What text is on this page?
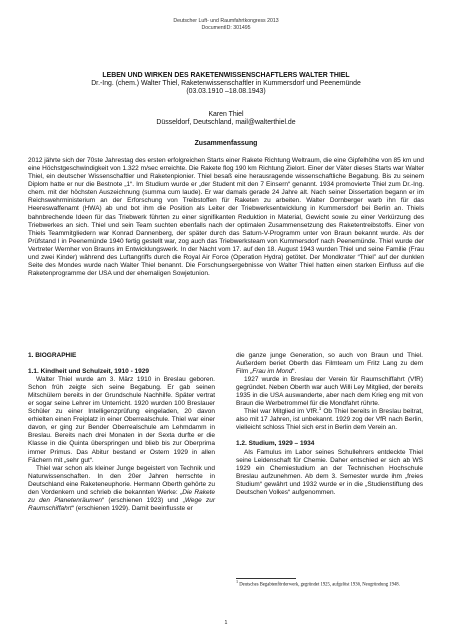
Deutscher Luft- und Raumfahrtkongress 2013
DocumentID: 301495
LEBEN UND WIRKEN DES RAKETENWISSENSCHAFTLERS WALTER THIEL
Dr.-Ing. (chem.) Walter Thiel, Raketenwissenschaftler in Kummersdorf und Peenemünde
(03.03.1910 –18.08.1943)
Karen Thiel
Düsseldorf, Deutschland, mail@walterthiel.de
Zusammenfassung
2012 jährte sich der 70ste Jahrestag des ersten erfolgreichen Starts einer Rakete Richtung Weltraum, die eine Gipfelhöhe von 85 km und eine Höchstgeschwindigkeit von 1.322 m/sec erreichte. Die Rakete flog 190 km Richtung Zielort. Einer der Väter dieses Starts war Walter Thiel, ein deutscher Wissenschaftler und Raketenpionier. Thiel besaß eine herausragende wissenschaftliche Begabung. Bis zu seinem Diplom hatte er nur die Bestnote „1“. Im Studium wurde er „der Student mit den 7 Einsern“ genannt. 1934 promovierte Thiel zum Dr.-Ing. chem. mit der höchsten Auszeichnung (summa cum laude). Er war damals gerade 24 Jahre alt. Nach seiner Dissertation begann er im Reichswehrministerium an der Erforschung von Treibstoffen für Raketen zu arbeiten. Walter Dornberger warb ihn für das Heereswaffenamt (HWA) ab und bot ihm die Position als Leiter der Triebwerksentwicklung in Kummersdorf bei Berlin an. Thiels bahnbrechende Ideen für das Triebwerk führten zu einer signifikanten Reduktion in Material, Gewicht sowie zu einer Verkürzung des Triebwerkes an sich. Thiel und sein Team suchten ebenfalls nach der optimalen Zusammensetzung des Raketentreibstoffs. Einer von Thiels Teammitgliedern war Konrad Dannenberg, der später durch das Saturn-V-Programm unter von Braun bekannt wurde. Als der Prüfstand I in Peenemünde 1940 fertig gestellt war, zog auch das Triebwerksteam von Kummersdorf nach Peenemünde. Thiel wurde der Vertreter Wernher von Brauns im Entwicklungswerk. In der Nacht vom 17. auf den 18. August 1943 wurden Thiel und seine Familie (Frau und zwei Kinder) während des Luftangriffs durch die Royal Air Force (Operation Hydra) getötet. Der Mondkrater “Thiel” auf der dunklen Seite des Mondes wurde nach Walter Thiel benannt. Die Forschungsergebnisse von Walter Thiel hatten einen starken Einfluss auf die Raketenprogramme der USA und der ehemaligen Sowjetunion.

1. BIOGRAPHIE

1.1. Kindheit und Schulzeit, 1910 - 1929

Walter Thiel wurde am 3. März 1910 in Breslau geboren. Schon früh zeigte sich seine Begabung. Er gab seinen Mitschülern bereits in der Grundschule Nachhilfe. Später vertrat er sogar seine Lehrer im Unterricht. 1920 wurden 100 Breslauer Schüler zu einer Intelligenzprüfung eingeladen, 20 davon erhielten einen Freiplatz in einer Oberrealschule. Thiel war einer davon, er ging zur Bender Oberrealschule am Lehmdamm in Breslau. Bereits nach drei Monaten in der Sexta durfte er die Klasse in die Quinta überspringen und blieb bis zur Oberprima immer Primus. Das Abitur bestand er Ostern 1929 in allen Fächern mit „sehr gut“.

Thiel war schon als kleiner Junge begeistert von Technik und Naturwissenschaften. In den 20er Jahren herrschte in Deutschland eine Raketeneuphorie. Hermann Oberth gehörte zu den Vordenkern und schrieb die bekannten Werke: „Die Rakete zu den Planetenräumen“ (erschienen 1923) und „Wege zur Raumschiffahrt“ (erschienen 1929). Damit beeinflusste er

die ganze junge Generation, so auch von Braun und Thiel. Außerdem beriet Oberth das Filmteam um Fritz Lang zu dem Film „Frau im Mond“.

1927 wurde in Breslau der Verein für Raumschiffahrt (VfR) gegründet. Neben Oberth war auch Willi Ley Mitglied, der bereits 1935 in die USA auswanderte, aber nach dem Krieg eng mit von Braun die Werbetrommel für die Mondfahrt rührte.

Thiel war Mitglied im VfR.$^1$ Ob Thiel bereits in Breslau beitrat, also mit 17 Jahren, ist unbekannt. 1929 zog der VfR nach Berlin, vielleicht schloss Thiel sich erst in Berlin dem Verein an.

1.2. Studium, 1929 – 1934

Als Famulus im Labor seines Schullehrers entdeckte Thiel seine Leidenschaft für Chemie. Daher entschied er sich ab WS 1929 ein Chemiestudium an der Technischen Hochschule Breslau aufzunehmen. Ab dem 3. Semester wurde ihm „freies Studium“ gewährt und 1932 wurde er in die „Studienstiftung des Deutschen Volkes“ aufgenommen.

$^1$ Deutsches Begabtenförderwerk, gegründet 1925, aufgelöst 1936, Neugründung 1948.
1
